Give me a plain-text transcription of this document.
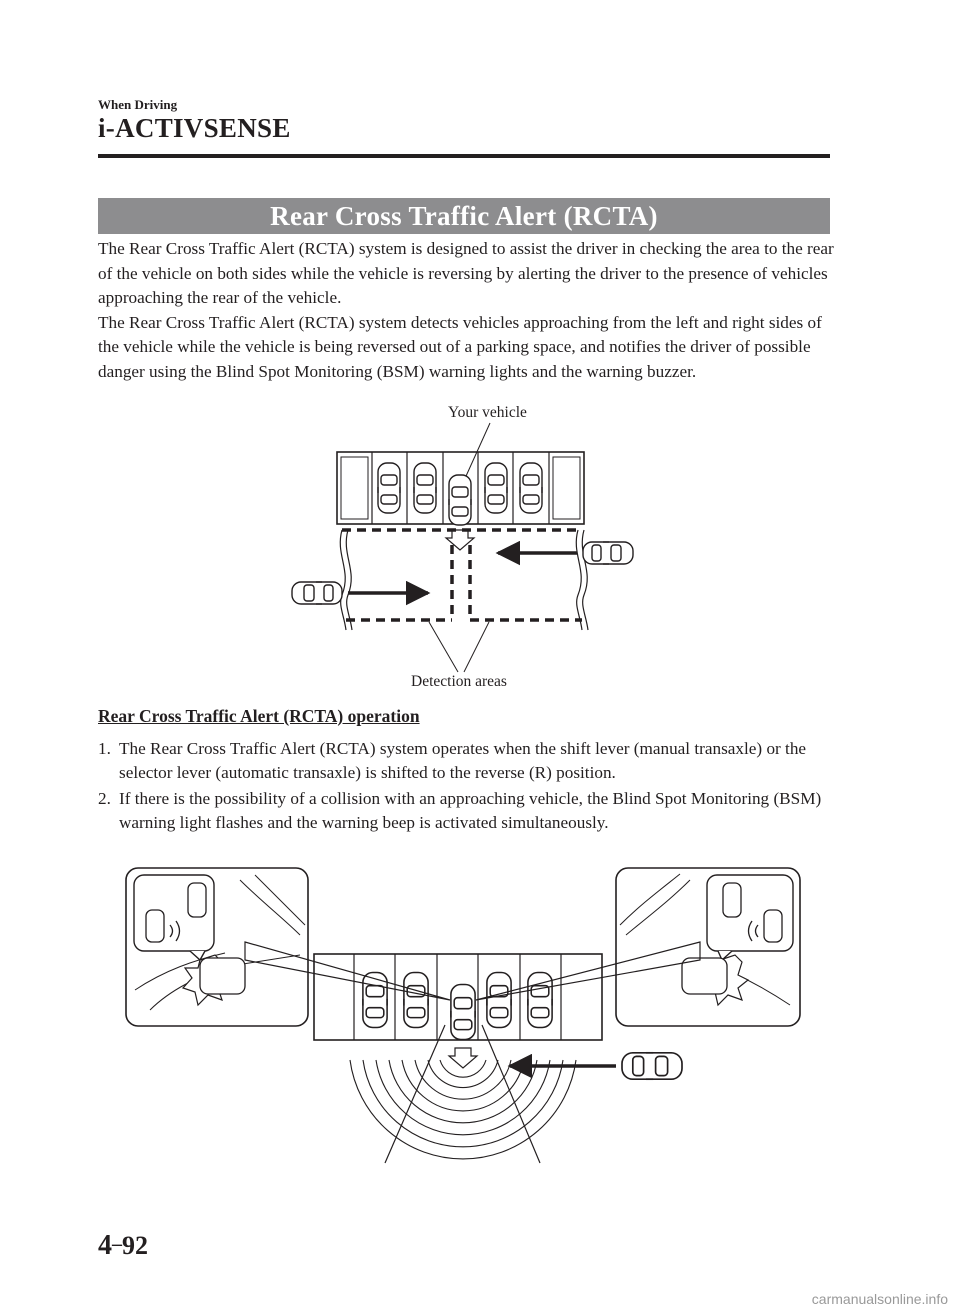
When Driving
i-ACTIVSENSE
Rear Cross Traffic Alert (RCTA)

The Rear Cross Traffic Alert (RCTA) system is designed to assist the driver in checking the area to the rear of the vehicle on both sides while the vehicle is reversing by alerting the driver to the presence of vehicles approaching the rear of the vehicle.

The Rear Cross Traffic Alert (RCTA) system detects vehicles approaching from the left and right sides of the vehicle while the vehicle is being reversed out of a parking space, and notifies the driver of possible danger using the Blind Spot Monitoring (BSM) warning lights and the warning buzzer.

Your vehicle
Detection areas
Rear Cross Traffic Alert (RCTA) operation
1. The Rear Cross Traffic Alert (RCTA) system operates when the shift lever (manual transaxle) or the selector lever (automatic transaxle) is shifted to the reverse (R) position.
2. If there is the possibility of a collision with an approaching vehicle, the Blind Spot Monitoring (BSM) warning light flashes and the warning beep is activated simultaneously.
4–92
carmanualsonline.info
